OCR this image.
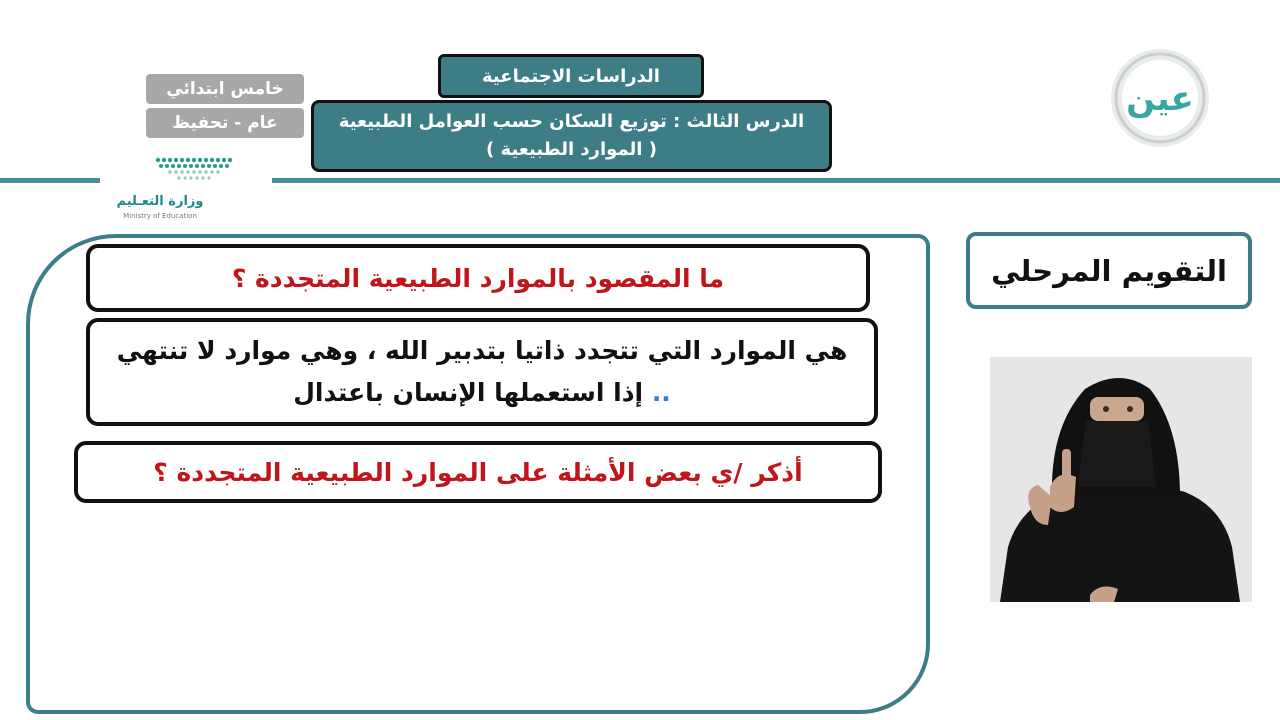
خامس ابتدائي
عام - تحفيظ
وزارة التعـليم
Ministry of Education
الدراسات الاجتماعية
الدرس الثالث : توزيع السكان حسب العوامل الطبيعية
( الموارد الطبيعية )
عين
التقويم المرحلي
ما المقصود بالموارد الطبيعية المتجددة ؟
هي الموارد التي تتجدد ذاتيا بتدبير الله ، وهي موارد لا تنتهي
إذا استعملها الإنسان باعتدال ..
أذكر /ي بعض الأمثلة على الموارد الطبيعية المتجددة ؟
